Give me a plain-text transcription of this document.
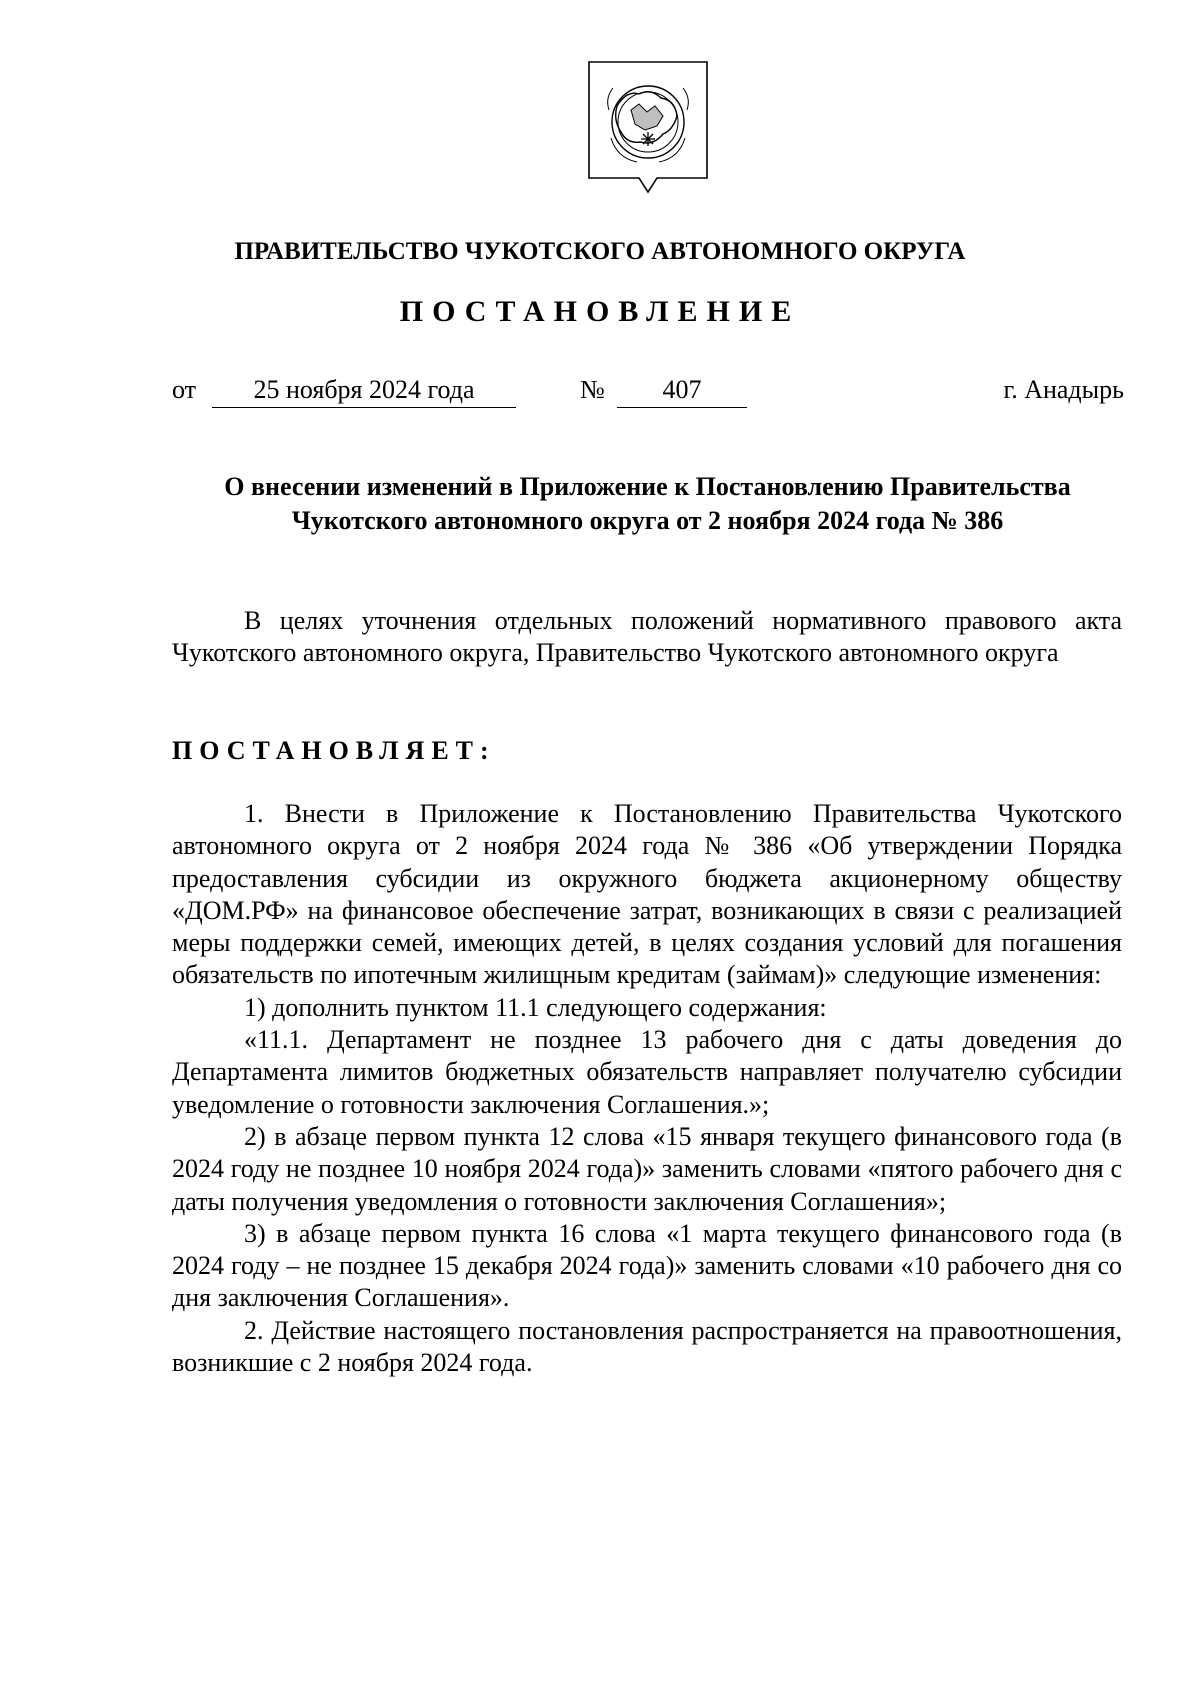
ПРАВИТЕЛЬСТВО ЧУКОТСКОГО АВТОНОМНОГО ОКРУГА
ПОСТАНОВЛЕНИЕ
от	25 ноября 2024 года	№	407	г. Анадырь
О внесении изменений в Приложение к Постановлению Правительства Чукотского автономного округа от 2 ноября 2024 года № 386

В целях уточнения отдельных положений нормативного правового акта Чукотского автономного округа, Правительство Чукотского автономного округа

ПОСТАНОВЛЯЕТ:

1. Внести в Приложение к Постановлению Правительства Чукотского автономного округа от 2 ноября 2024 года № 386 «Об утверждении Порядка предоставления субсидии из окружного бюджета акционерному обществу «ДОМ.РФ» на финансовое обеспечение затрат, возникающих в связи с реализацией меры поддержки семей, имеющих детей, в целях создания условий для погашения обязательств по ипотечным жилищным кредитам (займам)» следующие изменения:

1) дополнить пунктом 11.1 следующего содержания:

«11.1. Департамент не позднее 13 рабочего дня с даты доведения до Департамента лимитов бюджетных обязательств направляет получателю субсидии уведомление о готовности заключения Соглашения.»;

2) в абзаце первом пункта 12 слова «15 января текущего финансового года (в 2024 году не позднее 10 ноября 2024 года)» заменить словами «пятого рабочего дня с даты получения уведомления о готовности заключения Соглашения»;

3) в абзаце первом пункта 16 слова «1 марта текущего финансового года (в 2024 году – не позднее 15 декабря 2024 года)» заменить словами «10 рабочего дня со дня заключения Соглашения».

2. Действие настоящего постановления распространяется на правоотношения, возникшие с 2 ноября 2024 года.
